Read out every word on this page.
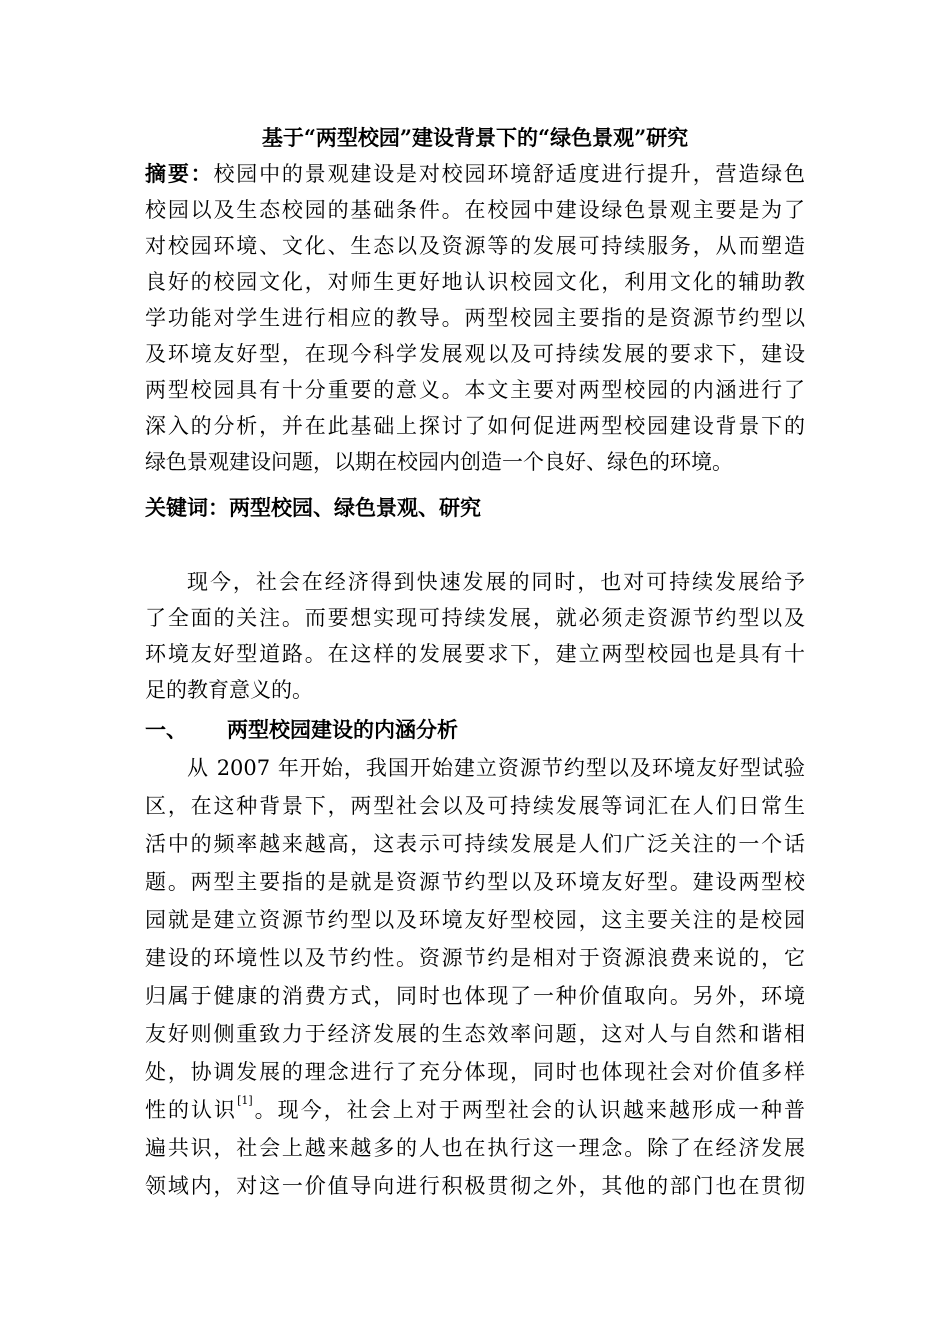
基于“两型校园”建设背景下的“绿色景观”研究
摘要：校园中的景观建设是对校园环境舒适度进行提升，营造绿色
校园以及生态校园的基础条件。在校园中建设绿色景观主要是为了
对校园环境、文化、生态以及资源等的发展可持续服务，从而塑造
良好的校园文化，对师生更好地认识校园文化，利用文化的辅助教
学功能对学生进行相应的教导。两型校园主要指的是资源节约型以
及环境友好型，在现今科学发展观以及可持续发展的要求下，建设
两型校园具有十分重要的意义。本文主要对两型校园的内涵进行了
深入的分析，并在此基础上探讨了如何促进两型校园建设背景下的
绿色景观建设问题，以期在校园内创造一个良好、绿色的环境。
关键词：两型校园、绿色景观、研究
现今，社会在经济得到快速发展的同时，也对可持续发展给予
了全面的关注。而要想实现可持续发展，就必须走资源节约型以及
环境友好型道路。在这样的发展要求下，建立两型校园也是具有十
足的教育意义的。
一、 两型校园建设的内涵分析
从 2007 年开始，我国开始建立资源节约型以及环境友好型试验
区，在这种背景下，两型社会以及可持续发展等词汇在人们日常生
活中的频率越来越高，这表示可持续发展是人们广泛关注的一个话
题。两型主要指的是就是资源节约型以及环境友好型。建设两型校
园就是建立资源节约型以及环境友好型校园，这主要关注的是校园
建设的环境性以及节约性。资源节约是相对于资源浪费来说的，它
归属于健康的消费方式，同时也体现了一种价值取向。另外，环境
友好则侧重致力于经济发展的生态效率问题，这对人与自然和谐相
处，协调发展的理念进行了充分体现，同时也体现社会对价值多样
性的认识[1]。现今，社会上对于两型社会的认识越来越形成一种普
遍共识，社会上越来越多的人也在执行这一理念。除了在经济发展
领域内，对这一价值导向进行积极贯彻之外，其他的部门也在贯彻
